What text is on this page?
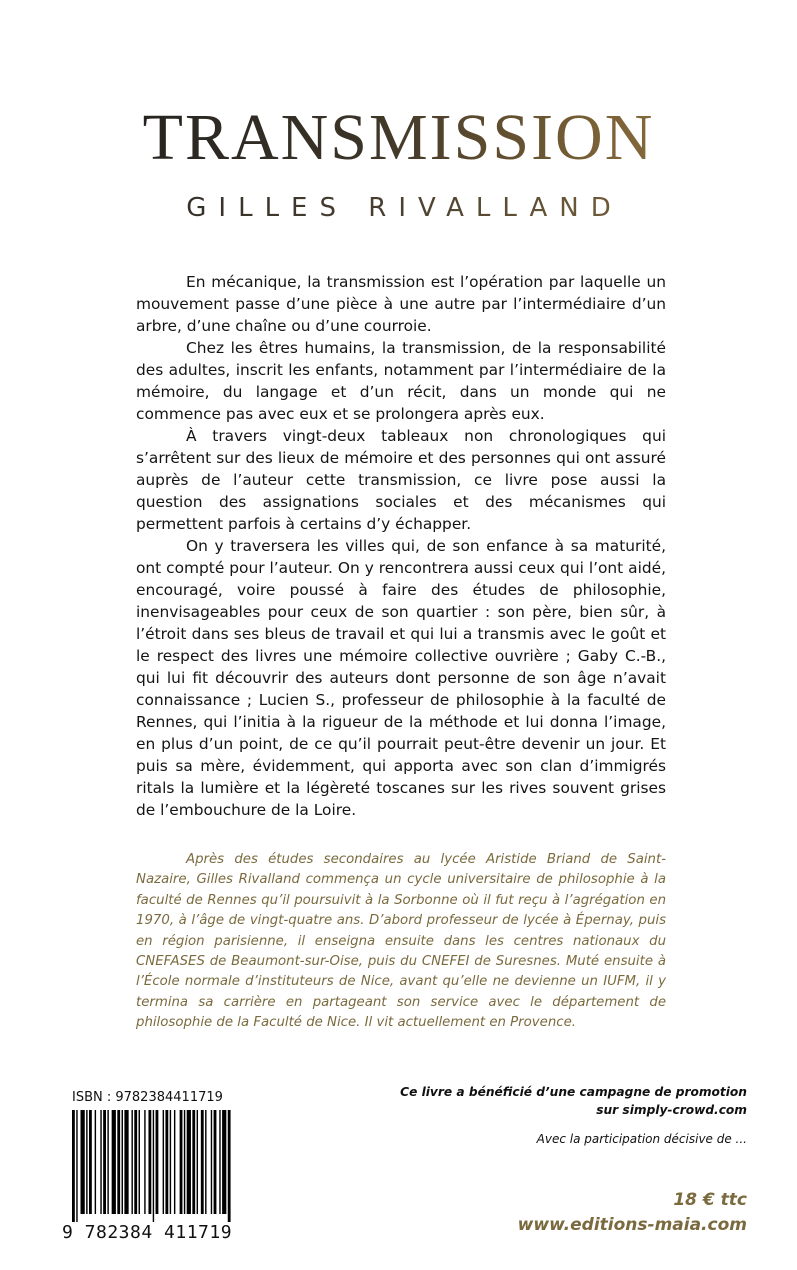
TRANSMISSION
GILLES RIVALLAND

En mécanique, la transmission est l’opération par laquelle un mouvement passe d’une pièce à une autre par l’intermédiaire d’un arbre, d’une chaîne ou d’une courroie.

Chez les êtres humains, la transmission, de la responsabilité des adultes, inscrit les enfants, notamment par l’intermédiaire de la mémoire, du langage et d’un récit, dans un monde qui ne commence pas avec eux et se prolongera après eux.

À travers vingt-deux tableaux non chronologiques qui s’arrêtent sur des lieux de mémoire et des personnes qui ont assuré auprès de l’auteur cette transmission, ce livre pose aussi la question des assignations sociales et des mécanismes qui permettent parfois à certains d’y échapper.

On y traversera les villes qui, de son enfance à sa maturité, ont compté pour l’auteur. On y rencontrera aussi ceux qui l’ont aidé, encouragé, voire poussé à faire des études de philosophie, inenvisageables pour ceux de son quartier : son père, bien sûr, à l’étroit dans ses bleus de travail et qui lui a transmis avec le goût et le respect des livres une mémoire collective ouvrière ; Gaby C.-B., qui lui fit découvrir des auteurs dont personne de son âge n’avait connaissance ; Lucien S., professeur de philosophie à la faculté de Rennes, qui l’initia à la rigueur de la méthode et lui donna l’image, en plus d’un point, de ce qu’il pourrait peut-être devenir un jour. Et puis sa mère, évidemment, qui apporta avec son clan d’immigrés ritals la lumière et la légèreté toscanes sur les rives souvent grises de l’embouchure de la Loire.

Après des études secondaires au lycée Aristide Briand de Saint-Nazaire, Gilles Rivalland commença un cycle universitaire de philosophie à la faculté de Rennes qu’il poursuivit à la Sorbonne où il fut reçu à l’agrégation en 1970, à l’âge de vingt-quatre ans. D’abord professeur de lycée à Épernay, puis en région parisienne, il enseigna ensuite dans les centres nationaux du CNEFASES de Beaumont-sur-Oise, puis du CNEFEI de Suresnes. Muté ensuite à l’École normale d’instituteurs de Nice, avant qu’elle ne devienne un IUFM, il y termina sa carrière en partageant son service avec le département de philosophie de la Faculté de Nice. Il vit actuellement en Provence.

ISBN : 9782384411719
9 782384 411719
Ce livre a bénéficié d’une campagne de promotion
sur simply-crowd.com
Avec la participation décisive de ...
18 € ttc
www.editions-maia.com
